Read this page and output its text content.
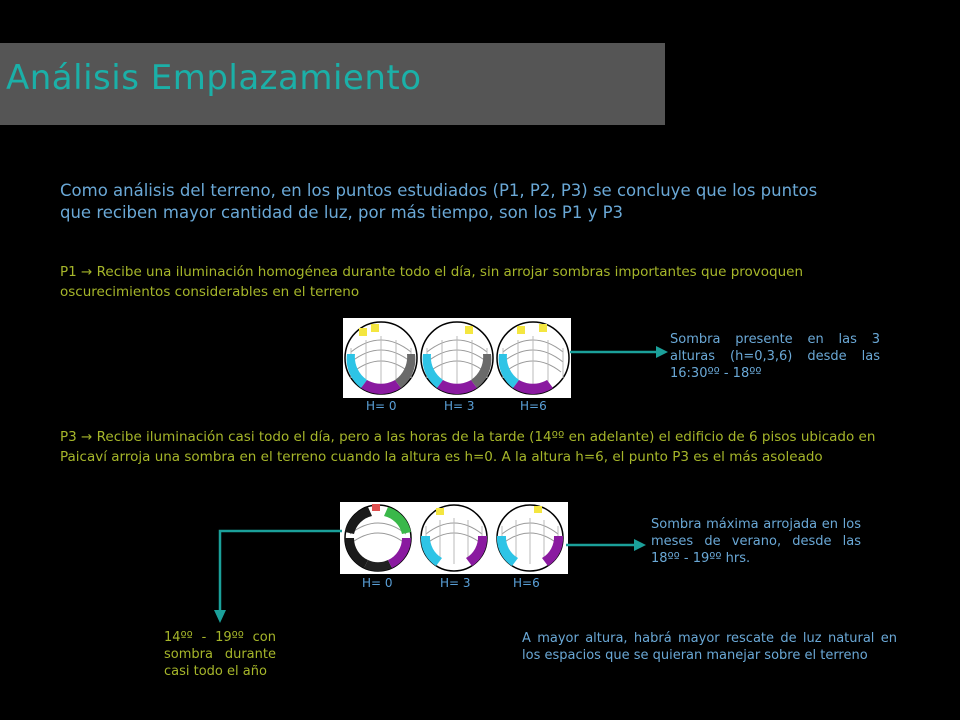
Análisis Emplazamiento
Como análisis del terreno, en los puntos estudiados (P1, P2, P3) se concluye que los puntos que reciben mayor cantidad de luz, por más tiempo, son los P1 y P3
P1 → Recibe una iluminación homogénea durante todo el día, sin arrojar sombras importantes que provoquen oscurecimientos considerables en el terreno
H= 0	H= 3	H=6
Sombra presente en las 3 alturas (h=0,3,6) desde las 16:30ºº - 18ºº
P3 → Recibe iluminación casi todo el día, pero a las horas de la tarde (14ºº en adelante) el edificio de 6 pisos ubicado en Paicaví arroja una sombra en el terreno cuando la altura es h=0. A la altura h=6, el punto P3 es el más asoleado
H= 0	H= 3	H=6
Sombra máxima arrojada en los meses de verano, desde las 18ºº - 19ºº hrs.
14ºº - 19ºº con sombra durante casi todo el año
A mayor altura, habrá mayor rescate de luz natural en los espacios que se quieran manejar sobre el terreno
